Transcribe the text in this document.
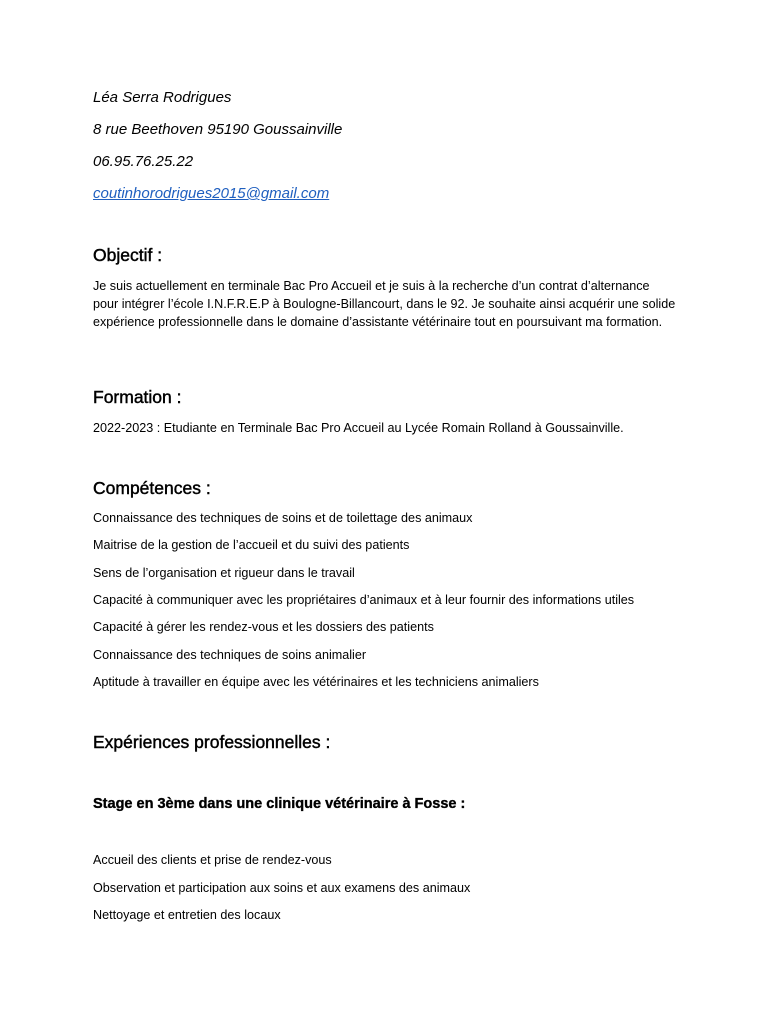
Léa Serra Rodrigues
8 rue Beethoven 95190 Goussainville
06.95.76.25.22
coutinhorodrigues2015@gmail.com
Objectif :

Je suis actuellement en terminale Bac Pro Accueil et je suis à la recherche d’un contrat d’alternance pour intégrer l’école I.N.F.R.E.P à Boulogne-Billancourt, dans le 92. Je souhaite ainsi acquérir une solide expérience professionnelle dans le domaine d’assistante vétérinaire tout en poursuivant ma formation.

Formation :
2022-2023 : Etudiante en Terminale Bac Pro Accueil au Lycée Romain Rolland à Goussainville.
Compétences :
Connaissance des techniques de soins et de toilettage des animaux
Maitrise de la gestion de l’accueil et du suivi des patients
Sens de l’organisation et rigueur dans le travail
Capacité à communiquer avec les propriétaires d’animaux et à leur fournir des informations utiles
Capacité à gérer les rendez-vous et les dossiers des patients
Connaissance des techniques de soins animalier
Aptitude à travailler en équipe avec les vétérinaires et les techniciens animaliers
Expériences professionnelles :
Stage en 3ème dans une clinique vétérinaire à Fosse :
Accueil des clients et prise de rendez-vous
Observation et participation aux soins et aux examens des animaux
Nettoyage et entretien des locaux
